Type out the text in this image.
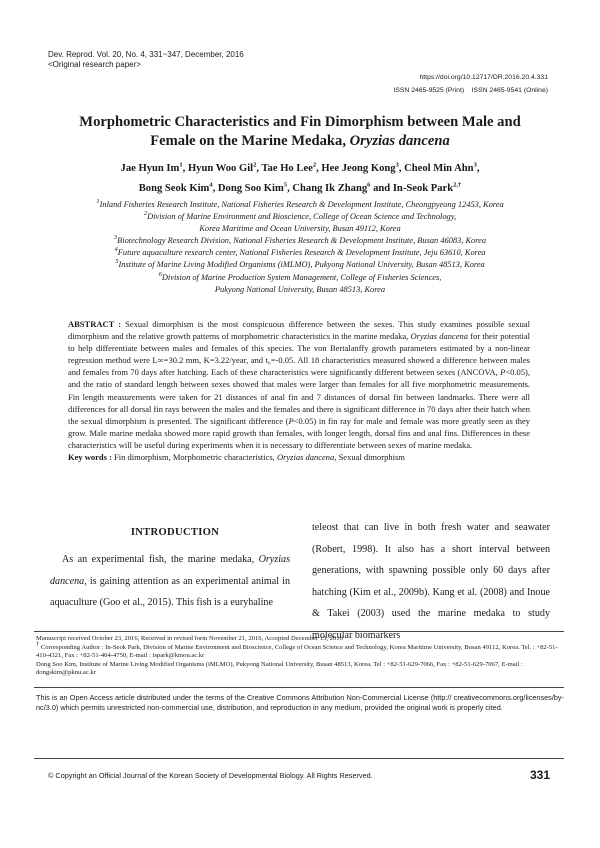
Dev. Reprod. Vol. 20, No. 4, 331~347, December, 2016
<Original research paper>
https://doi.org/10.12717/DR.2016.20.4.331
ISSN 2465-9525 (Print)    ISSN 2465-9541 (Online)
Morphometric Characteristics and Fin Dimorphism between Male and
Female on the Marine Medaka, Oryzias dancena
Jae Hyun Im$^1$, Hyun Woo Gil$^2$, Tae Ho Lee$^2$, Hee Jeong Kong$^3$, Cheol Min Ahn$^3$,
Bong Seok Kim$^4$, Dong Soo Kim$^5$, Chang Ik Zhang$^6$ and In-Seok Park$^{2,\dagger}$
$^1$Inland Fisheries Research Institute, National Fisheries Research & Development Institute, Cheongpyeong 12453, Korea
$^2$Division of Marine Environment and Bioscience, College of Ocean Science and Technology,
Korea Maritime and Ocean University, Busan 49112, Korea
$^3$Biotechnology Research Division, National Fisheries Research & Development Institute, Busan 46083, Korea
$^4$Future aquaculture research center, National Fisheries Research & Development Institute, Jeju 63610, Korea
$^5$Institute of Marine Living Modified Organisms (iMLMO), Pukyong National University, Busan 48513, Korea
$^6$Division of Marine Production System Management, College of Fisheries Sciences,
Pukyong National University, Busan 48513, Korea
ABSTRACT : Sexual dimorphism is the most conspicuous difference between the sexes. This study examines possible sexual dimorphism and the relative growth patterns of morphometric characteristics in the marine medaka, Oryzias dancena for their potential to help differentiate between males and females of this species. The von Bertalanffy growth parameters estimated by a non-linear regression method were L∞=30.2 mm, K=3.22/year, and t₀=-0.05. All 18 characteristics measured showed a difference between males and females from 70 days after hatching. Each of these characteristics were significantly different between sexes (ANCOVA, P<0.05), and the ratio of standard length between sexes showed that males were larger than females for all five morphometric measurements. Fin length measurements were taken for 21 distances of anal fin and 7 distances of dorsal fin between landmarks. There were all differences for all dorsal fin rays between the males and the females and there is significant difference in 70 days after their hatch when the sexual dimorphism is presented. The significant difference (P<0.05) in fin ray for male and female was more greatly seen as they grow. Male marine medaka showed more rapid growth than females, with longer length, dorsal fins and anal fins. Differences in these characteristics will be useful during experiments when it is necessary to differentiate between sexes of marine medaka.
Key words : Fin dimorphism, Morphometric characteristics, Oryzias dancena, Sexual dimorphism
INTRODUCTION
As an experimental fish, the marine medaka, Oryzias dancena, is gaining attention as an experimental animal in aquaculture (Goo et al., 2015). This fish is a euryhaline
teleost that can live in both fresh water and seawater (Robert, 1998). It also has a short interval between generations, with spawning possible only 60 days after hatching (Kim et al., 2009b). Kang et al. (2008) and Inoue & Takei (2003) used the marine medaka to study molecular biomarkers
Manuscript received October 23, 2016, Received in revised form November 21, 2016, Accepted December 15, 2016
† Corresponding Author : In-Seok Park, Division of Marine Environment and Bioscience, College of Ocean Science and Technology, Korea Maritime University, Busan 49112, Korea. Tel. : +82-51-410-4321, Fax : +82-51-404-4750, E-mail : ispark@kmou.ac.kr
Dong Soo Kim, Institute of Marine Living Modified Organisms (iMLMO), Pukyong National University, Busan 48513, Korea, Tel : +82-51-629-7066, Fax : +82-51-629-7067, E-mail : dongskim@pknu.ac.kr
This is an Open Access article distributed under the terms of the Creative Commons Attribution Non-Commercial License (http:// creativecommons.org/licenses/by-nc/3.0) which permits unrestricted non-commercial use, distribution, and reproduction in any medium, provided the original work is properly cited.
© Copyright an Official Journal of the Korean Society of Developmental Biology. All Rights Reserved.	331
